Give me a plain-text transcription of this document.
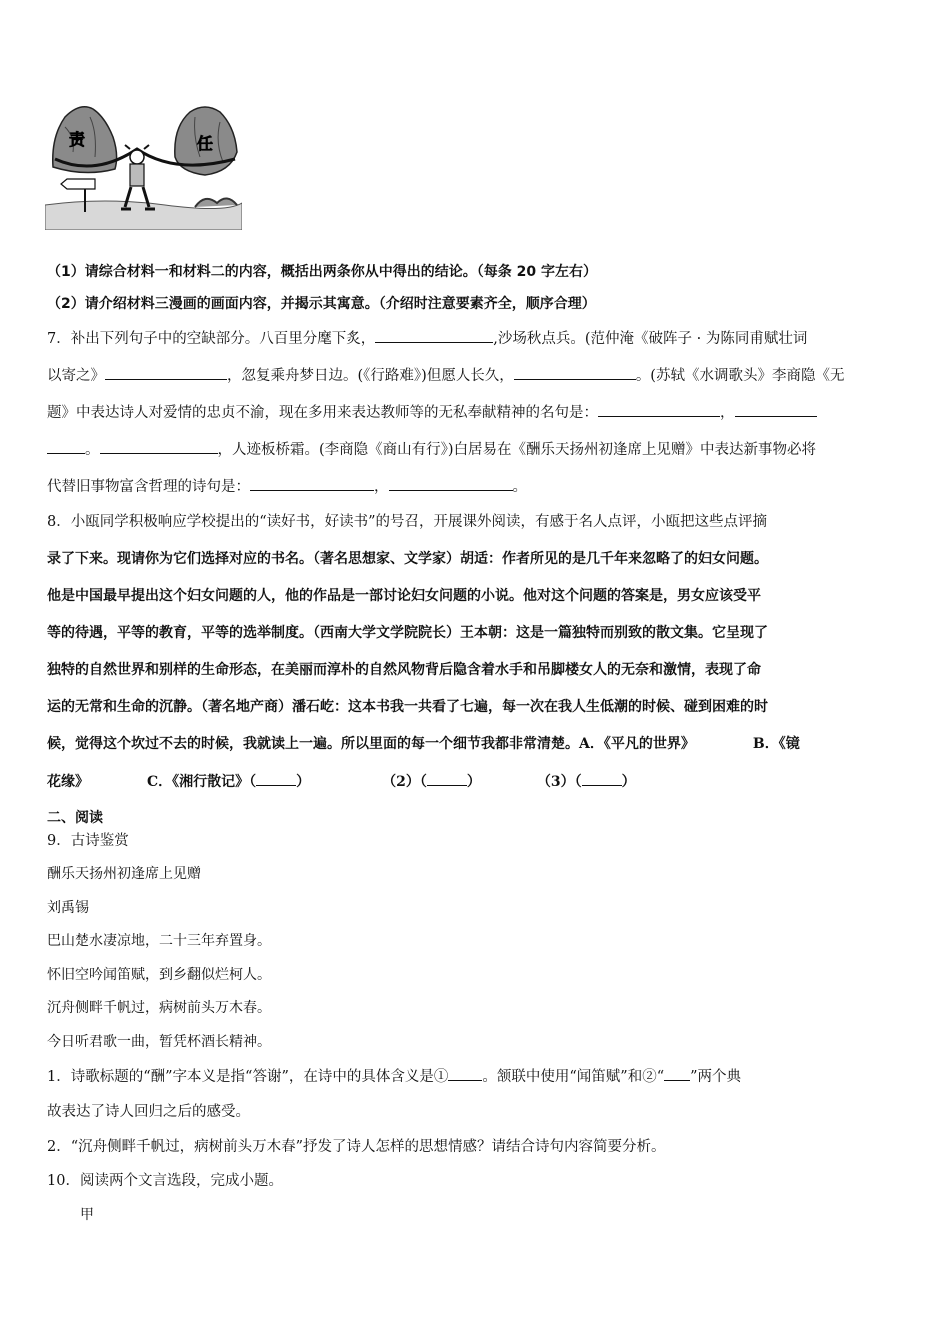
责	任
（1）请综合材料一和材料二的内容，概括出两条你从中得出的结论。（每条 20 字左右）
（2）请介绍材料三漫画的画面内容，并揭示其寓意。（介绍时注意要素齐全，顺序合理）
7．补出下列句子中的空缺部分。八百里分麾下炙，	,沙场秋点兵。(范仲淹《破阵子 · 为陈同甫赋壮词
以寄之》	，忽复乘舟梦日边。(《行路难》)但愿人长久，	。(苏轼《水调歌头》李商隐《无
题》中表达诗人对爱情的忠贞不渝，现在多用来表达教师等的无私奉献精神的名句是：	，
。	，人迹板桥霜。(李商隐《商山有行》)白居易在《酬乐天扬州初逢席上见赠》中表达新事物必将
代替旧事物富含哲理的诗句是：	，	。
8．小瓯同学积极响应学校提出的“读好书，好读书”的号召，开展课外阅读，有感于名人点评，小瓯把这些点评摘
录了下来。现请你为它们选择对应的书名。（著名思想家、文学家）胡适：作者所见的是几千年来忽略了的妇女问题。
他是中国最早提出这个妇女问题的人，他的作品是一部讨论妇女问题的小说。他对这个问题的答案是，男女应该受平
等的待遇，平等的教育，平等的选举制度。（西南大学文学院院长）王本朝：这是一篇独特而别致的散文集。它呈现了
独特的自然世界和别样的生命形态，在美丽而淳朴的自然风物背后隐含着水手和吊脚楼女人的无奈和激情，表现了命
运的无常和生命的沉静。（著名地产商）潘石屹：这本书我一共看了七遍，每一次在我人生低潮的时候、碰到困难的时
候，觉得这个坎过不去的时候，我就读上一遍。所以里面的每一个细节我都非常清楚。A．《平凡的世界》	B．《镜
花缘》	C．《湘行散记》（	）	（2）（	）	（3）（	）
二、阅读
9．古诗鉴赏
酬乐天扬州初逢席上见赠
刘禹锡
巴山楚水凄凉地，二十三年弃置身。
怀旧空吟闻笛赋，到乡翻似烂柯人。
沉舟侧畔千帆过，病树前头万木春。
今日听君歌一曲，暂凭杯酒长精神。
1．诗歌标题的“酬”字本义是指“答谢”，在诗中的具体含义是① 。颔联中使用“闻笛赋”和②“ ”两个典
故表达了诗人回归之后的感受。
2．“沉舟侧畔千帆过，病树前头万木春”抒发了诗人怎样的思想情感？请结合诗句内容简要分析。
10．阅读两个文言选段，完成小题。
甲
